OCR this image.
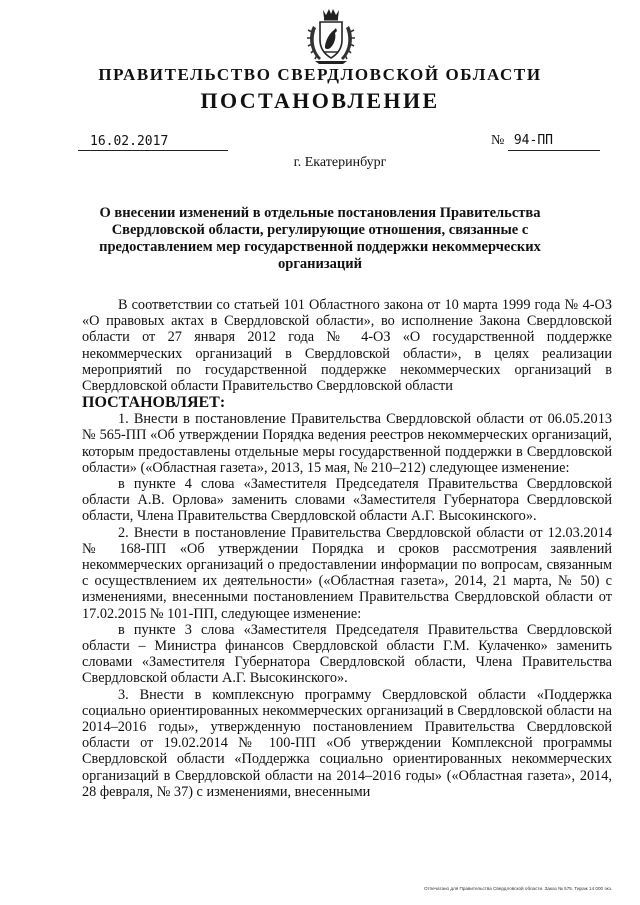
ПРАВИТЕЛЬСТВО СВЕРДЛОВСКОЙ ОБЛАСТИ
ПОСТАНОВЛЕНИЕ
16.02.2017	№ 94-ПП
г. Екатеринбург
О внесении изменений в отдельные постановления Правительства Свердловской области, регулирующие отношения, связанные с предоставлением мер государственной поддержки некоммерческих организаций

В соответствии со статьей 101 Областного закона от 10 марта 1999 года № 4-ОЗ «О правовых актах в Свердловской области», во исполнение Закона Свердловской области от 27 января 2012 года № 4-ОЗ «О государственной поддержке некоммерческих организаций в Свердловской области», в целях реализации мероприятий по государственной поддержке некоммерческих организаций в Свердловской области Правительство Свердловской области

ПОСТАНОВЛЯЕТ:

1. Внести в постановление Правительства Свердловской области от 06.05.2013 № 565-ПП «Об утверждении Порядка ведения реестров некоммерческих организаций, которым предоставлены отдельные меры государственной поддержки в Свердловской области» («Областная газета», 2013, 15 мая, № 210–212) следующее изменение:

в пункте 4 слова «Заместителя Председателя Правительства Свердловской области А.В. Орлова» заменить словами «Заместителя Губернатора Свердловской области, Члена Правительства Свердловской области А.Г. Высокинского».

2. Внести в постановление Правительства Свердловской области от 12.03.2014 № 168-ПП «Об утверждении Порядка и сроков рассмотрения заявлений некоммерческих организаций о предоставлении информации по вопросам, связанным с осуществлением их деятельности» («Областная газета», 2014, 21 марта, № 50) с изменениями, внесенными постановлением Правительства Свердловской области от 17.02.2015 № 101-ПП, следующее изменение:

в пункте 3 слова «Заместителя Председателя Правительства Свердловской области – Министра финансов Свердловской области Г.М. Кулаченко» заменить словами «Заместителя Губернатора Свердловской области, Члена Правительства Свердловской области А.Г. Высокинского».

3. Внести в комплексную программу Свердловской области «Поддержка социально ориентированных некоммерческих организаций в Свердловской области на 2014–2016 годы», утвержденную постановлением Правительства Свердловской области от 19.02.2014 № 100-ПП «Об утверждении Комплексной программы Свердловской области «Поддержка социально ориентированных некоммерческих организаций в Свердловской области на 2014–2016 годы» («Областная газета», 2014, 28 февраля, № 37) с изменениями, внесенными

Отпечатано для Правительства Свердловской области. Заказ № 575. Тираж 14 000 экз.
